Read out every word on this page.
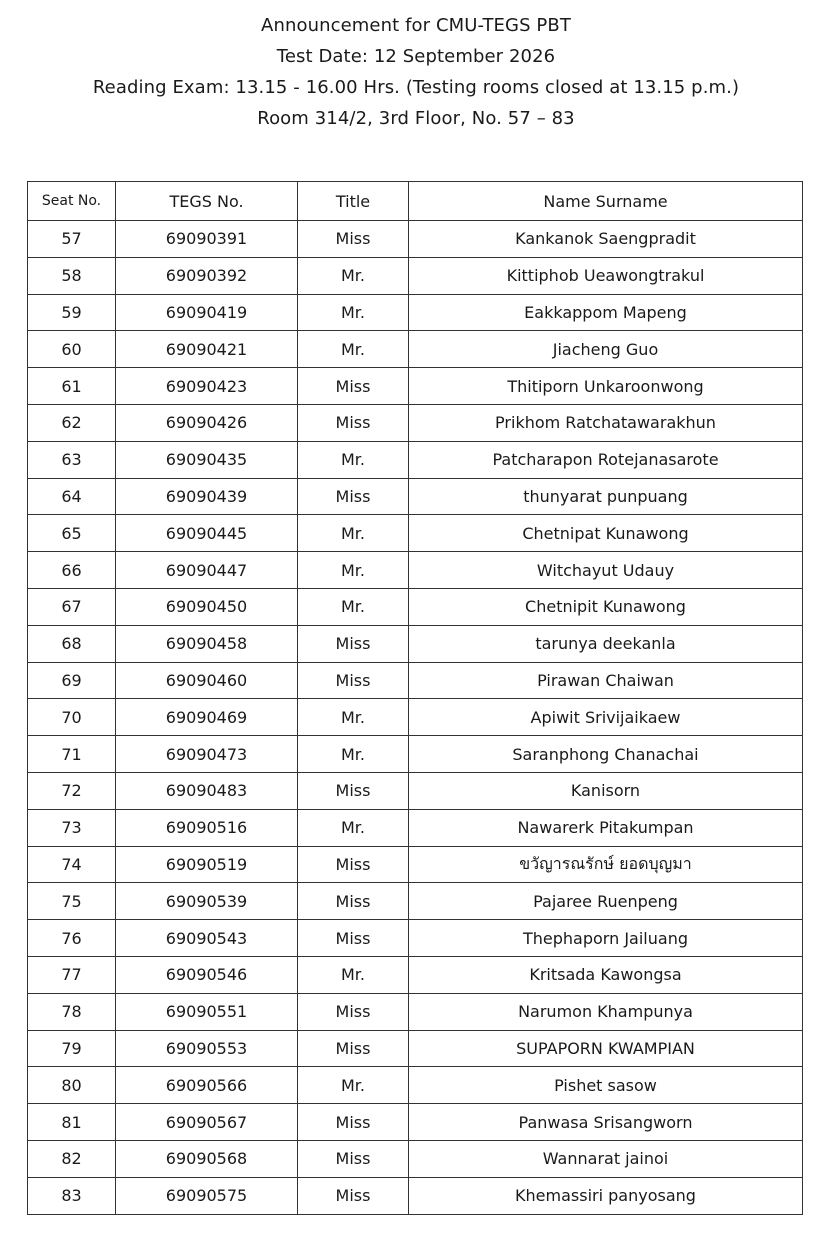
Announcement for CMU-TEGS PBT
Test Date: 12 September 2026
Reading Exam: 13.15 - 16.00 Hrs. (Testing rooms closed at 13.15 p.m.)
Room 314/2, 3rd Floor, No. 57 – 83
Seat No.	TEGS No.	Title	Name Surname
57	69090391	Miss	Kankanok Saengpradit
58	69090392	Mr.	Kittiphob Ueawongtrakul
59	69090419	Mr.	Eakkappom Mapeng
60	69090421	Mr.	Jiacheng Guo
61	69090423	Miss	Thitiporn Unkaroonwong
62	69090426	Miss	Prikhom Ratchatawarakhun
63	69090435	Mr.	Patcharapon Rotejanasarote
64	69090439	Miss	thunyarat punpuang
65	69090445	Mr.	Chetnipat Kunawong
66	69090447	Mr.	Witchayut Udauy
67	69090450	Mr.	Chetnipit Kunawong
68	69090458	Miss	tarunya deekanla
69	69090460	Miss	Pirawan Chaiwan
70	69090469	Mr.	Apiwit Srivijaikaew
71	69090473	Mr.	Saranphong Chanachai
72	69090483	Miss	Kanisorn
73	69090516	Mr.	Nawarerk Pitakumpan
74	69090519	Miss	ขวัญารณรักษ์ ยอดบุญมา
75	69090539	Miss	Pajaree Ruenpeng
76	69090543	Miss	Thephaporn Jailuang
77	69090546	Mr.	Kritsada Kawongsa
78	69090551	Miss	Narumon Khampunya
79	69090553	Miss	SUPAPORN KWAMPIAN
80	69090566	Mr.	Pishet sasow
81	69090567	Miss	Panwasa Srisangworn
82	69090568	Miss	Wannarat jainoi
83	69090575	Miss	Khemassiri panyosang
